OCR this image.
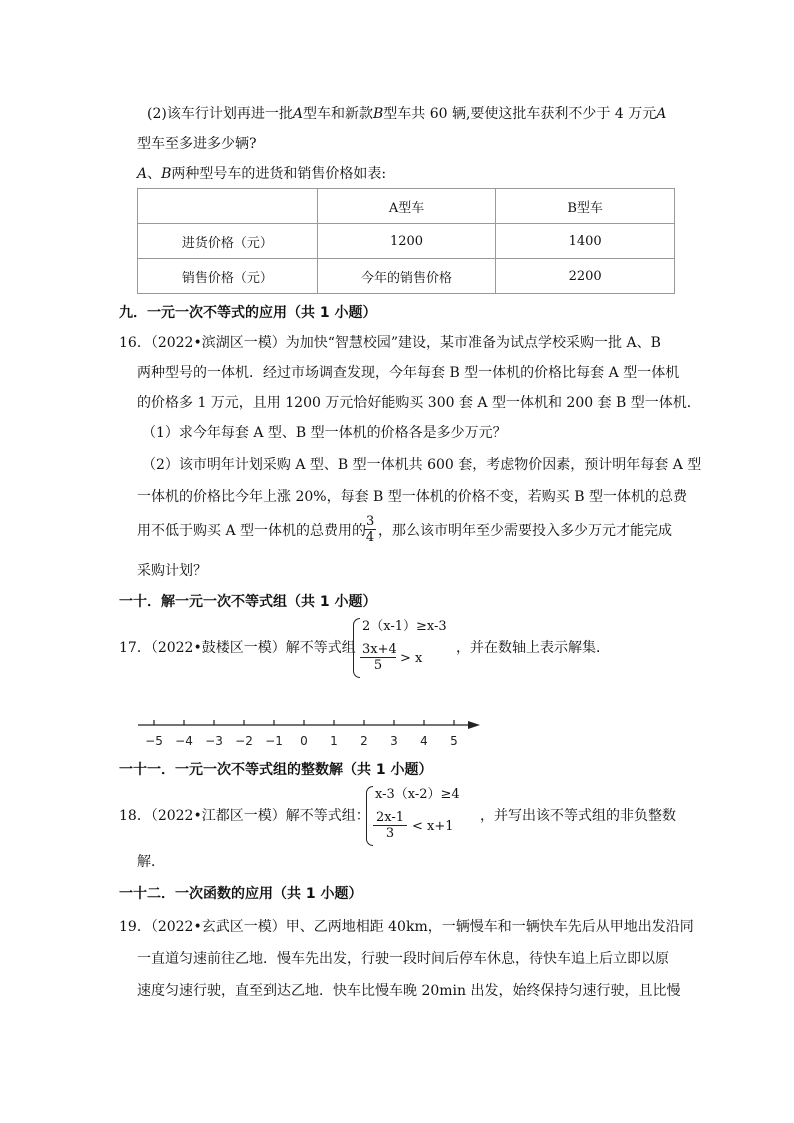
(2)该车行计划再进一批A型车和新款B型车共 60 辆,要使这批车获利不少于 4 万元A
型车至多进多少辆?
A、B两种型号车的进货和销售价格如表:
	A型车	B型车
进货价格（元）	1200	1400
销售价格（元）	今年的销售价格	2200
九．一元一次不等式的应用（共 1 小题）
16．（2022•滨湖区一模）为加快“智慧校园”建设，某市准备为试点学校采购一批 A、B
两种型号的一体机．经过市场调查发现，今年每套 B 型一体机的价格比每套 A 型一体机
的价格多 1 万元，且用 1200 万元恰好能购买 300 套 A 型一体机和 200 套 B 型一体机．
（1）求今年每套 A 型、B 型一体机的价格各是多少万元？
（2）该市明年计划采购 A 型、B 型一体机共 600 套，考虑物价因素，预计明年每套 A 型
一体机的价格比今年上涨 20%，每套 B 型一体机的价格不变，若购买 B 型一体机的总费
用不低于购买 A 型一体机的总费用的
$\frac{3}{4}$ ，那么该市明年至少需要投入多少万元才能完成
采购计划？
一十．解一元一次不等式组（共 1 小题）
17．（2022•鼓楼区一模）解不等式组
2（x-1）≥x-3
$\frac{3x+4}{5} > x$
，并在数轴上表示解集．
−5 −4 −3 −2 −1 0 1 2 3 4 5
一十一．一元一次不等式组的整数解（共 1 小题）
18．（2022•江都区一模）解不等式组：
x-3（x-2）≥4
$\frac{2x-1}{3} < x+1$
，并写出该不等式组的非负整数
解．
一十二．一次函数的应用（共 1 小题）
19．（2022•玄武区一模）甲、乙两地相距 40km，一辆慢车和一辆快车先后从甲地出发沿同
一直道匀速前往乙地．慢车先出发，行驶一段时间后停车休息，待快车追上后立即以原
速度匀速行驶，直至到达乙地．快车比慢车晚 20min 出发，始终保持匀速行驶，且比慢
